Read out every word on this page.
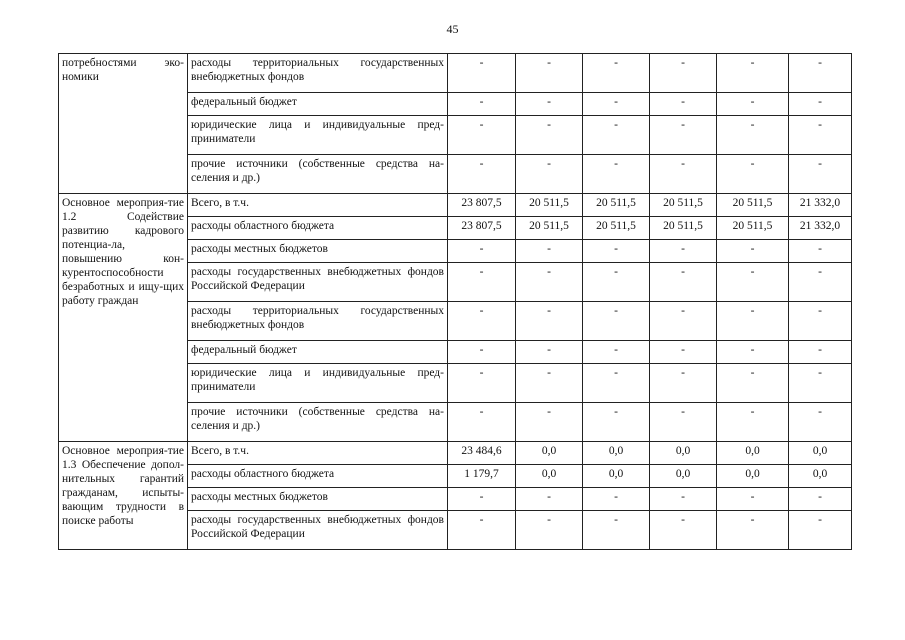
45
потребностями эко-номики	расходы территориальных государственных внебюджетных фондов	-	-	-	-	-	-
	федеральный бюджет	-	-	-	-	-	-
	юридические лица и индивидуальные пред-приниматели	-	-	-	-	-	-
	прочие источники (собственные средства на-селения и др.)	-	-	-	-	-	-
Основное мероприя-тие 1.2 Содействие развитию кадрового потенциа-ла, повышению кон-курентоспособности безработных и ищу-щих работу граждан	Всего, в т.ч.	23 807,5	20 511,5	20 511,5	20 511,5	20 511,5	21 332,0
	расходы областного бюджета	23 807,5	20 511,5	20 511,5	20 511,5	20 511,5	21 332,0
	расходы местных бюджетов	-	-	-	-	-	-
	расходы государственных внебюджетных фондов Российской Федерации	-	-	-	-	-	-
	расходы территориальных государственных внебюджетных фондов	-	-	-	-	-	-
	федеральный бюджет	-	-	-	-	-	-
	юридические лица и индивидуальные пред-приниматели	-	-	-	-	-	-
	прочие источники (собственные средства на-селения и др.)	-	-	-	-	-	-
Основное мероприя-тие 1.3 Обеспечение допол-нительных гарантий гражданам, испыты-вающим трудности в поиске работы	Всего, в т.ч.	23 484,6	0,0	0,0	0,0	0,0	0,0
	расходы областного бюджета	1 179,7	0,0	0,0	0,0	0,0	0,0
	расходы местных бюджетов	-	-	-	-	-	-
	расходы государственных внебюджетных фондов Российской Федерации	-	-	-	-	-	-
